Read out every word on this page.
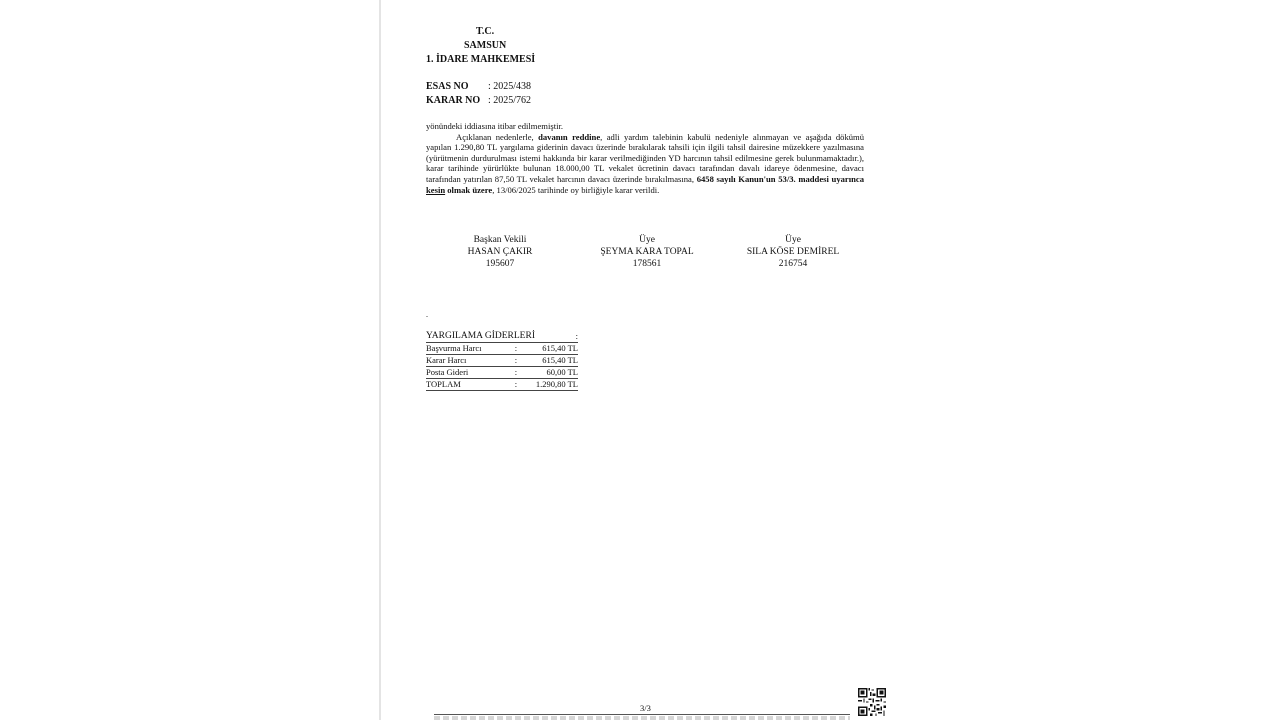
T.C.
SAMSUN
1. İDARE MAHKEMESİ
ESAS NO : 2025/438
KARAR NO : 2025/762

yönündeki iddiasına itibar edilmemiştir.

Açıklanan nedenlerle, davanın reddine, adli yardım talebinin kabulü nedeniyle alınmayan ve aşağıda dökümü yapılan 1.290,80 TL yargılama giderinin davacı üzerinde bırakılarak tahsili için ilgili tahsil dairesine müzekkere yazılmasına (yürütmenin durdurulması istemi hakkında bir karar verilmediğinden YD harcının tahsil edilmesine gerek bulunmamaktadır.), karar tarihinde yürürlükte bulunan 18.000,00 TL vekalet ücretinin davacı tarafından davalı idareye ödenmesine, davacı tarafından yatırılan 87,50 TL vekalet harcının davacı üzerinde bırakılmasına, 6458 sayılı Kanun'un 53/3. maddesi uyarınca kesin olmak üzere, 13/06/2025 tarihinde oy birliğiyle karar verildi.

Başkan Vekili
HASAN ÇAKIR
195607
Üye
ŞEYMA KARA TOPAL
178561
Üye
SILA KÖSE DEMİREL
216754
.
YARGILAMA GİDERLERİ		:
Başvurma Harcı	:	615,40 TL
Karar Harcı	:	615,40 TL
Posta Gideri	:	60,00 TL
TOPLAM	:	1.290,80 TL
3/3
